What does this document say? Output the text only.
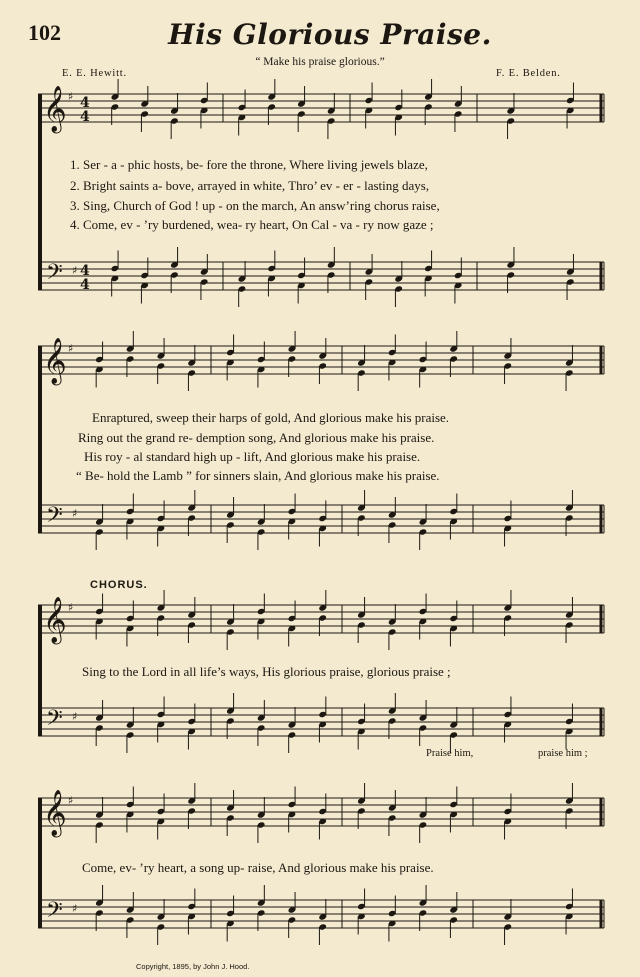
102	His Glorious Praise.
“ Make his praise glorious.”
E. E. Hewitt.	F. E. Belden.
𝄞
𝄢
♯
♯
4
4
4
4
𝄞
𝄢
♯
♯
𝄞
𝄢
♯
♯
𝄞
𝄢
♯
♯
1. Ser - a - phic hosts, be- fore the throne, Where living jewels blaze,
2. Bright saints a- bove, arrayed in white, Thro’ ev - er - lasting days,
3. Sing, Church of God ! up - on the march, An answ’ring chorus raise,
4. Come, ev - ’ry burdened, wea- ry heart, On Cal - va - ry now gaze ;
Enraptured, sweep their harps of gold, And glorious make his praise.
Ring out the grand re- demption song, And glorious make his praise.
His roy - al standard high up - lift, And glorious make his praise.
“ Be- hold the Lamb ” for sinners slain, And glorious make his praise.
CHORUS.
Sing to the Lord in all life’s ways, His glorious praise, glorious praise ;
Praise him,	praise him ;
Come, ev- ’ry heart, a song up- raise, And glorious make his praise.
Copyright, 1895, by John J. Hood.
